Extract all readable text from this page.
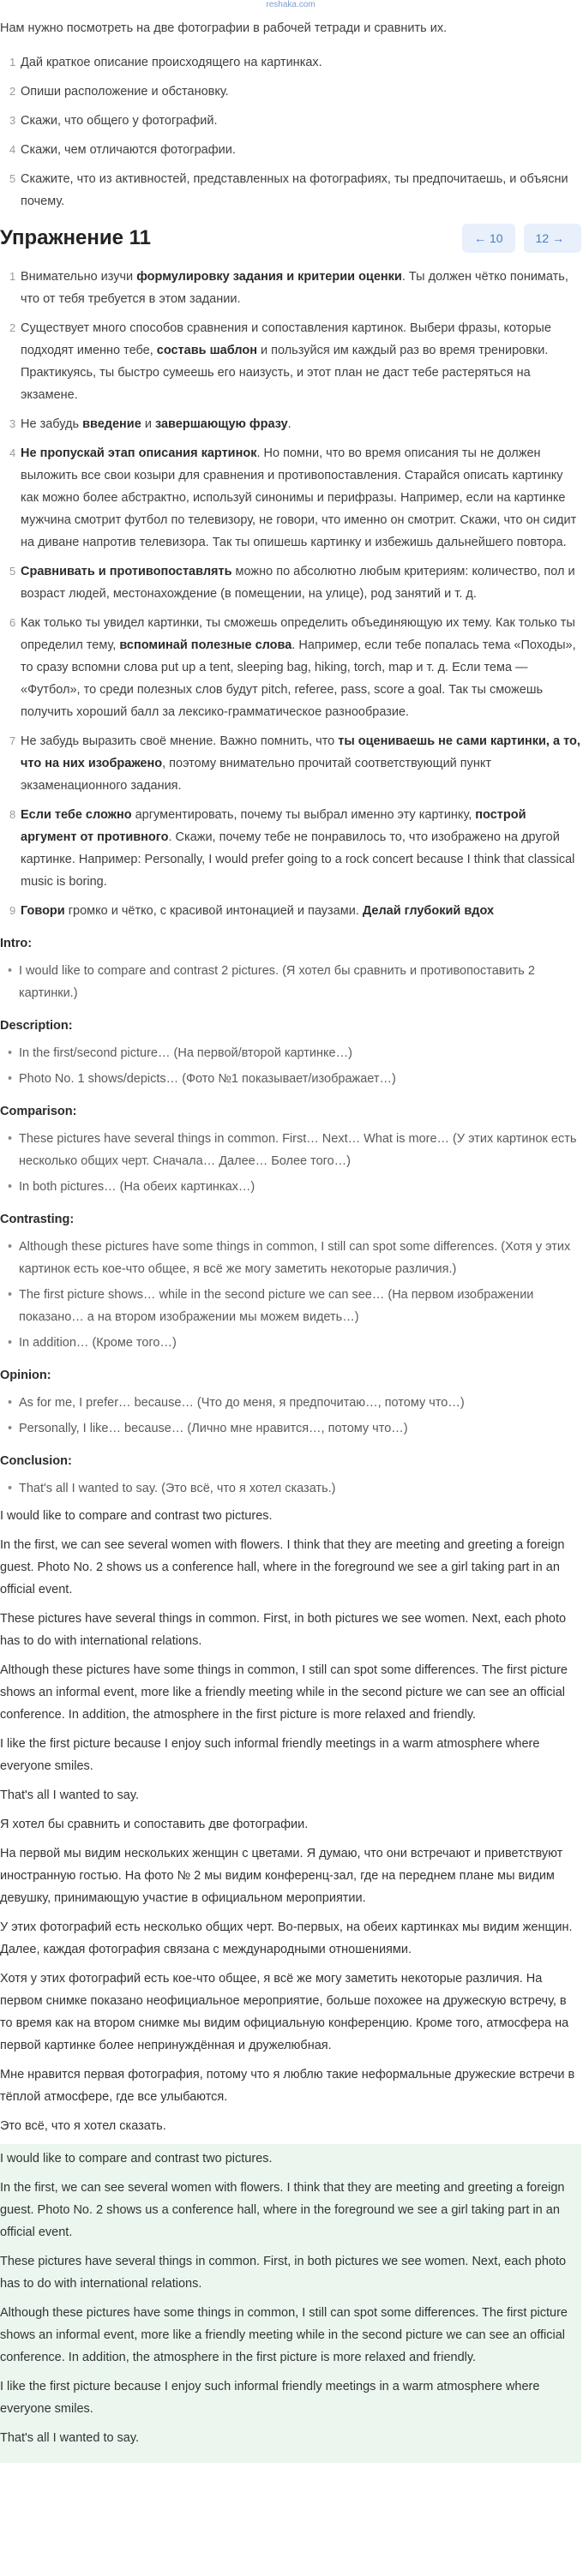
reshaka.com

Нам нужно посмотреть на две фотографии в рабочей тетради и сравнить их.

1 Дай краткое описание происходящего на картинках.
2 Опиши расположение и обстановку.
3 Скажи, что общего у фотографий.
4 Скажи, чем отличаются фотографии.
5 Скажите, что из активностей, представленных на фотографиях, ты предпочитаешь, и объясни почему.
Упражнение 11	← 10	12 →
1 Внимательно изучи формулировку задания и критерии оценки. Ты должен чётко понимать, что от тебя требуется в этом задании.
2 Существует много способов сравнения и сопоставления картинок. Выбери фразы, которые подходят именно тебе, составь шаблон и пользуйся им каждый раз во время тренировки. Практикуясь, ты быстро сумеешь его наизусть, и этот план не даст тебе растеряться на экзамене.
3 Не забудь введение и завершающую фразу.
4 Не пропускай этап описания картинок. Но помни, что во время описания ты не должен выложить все свои козыри для сравнения и противопоставления. Старайся описать картинку как можно более абстрактно, используй синонимы и перифразы. Например, если на картинке мужчина смотрит футбол по телевизору, не говори, что именно он смотрит. Скажи, что он сидит на диване напротив телевизора. Так ты опишешь картинку и избежишь дальнейшего повтора.
5 Сравнивать и противопоставлять можно по абсолютно любым критериям: количество, пол и возраст людей, местонахождение (в помещении, на улице), род занятий и т. д.
6 Как только ты увидел картинки, ты сможешь определить объединяющую их тему. Как только ты определил тему, вспоминай полезные слова. Например, если тебе попалась тема «Походы», то сразу вспомни слова put up a tent, sleeping bag, hiking, torch, map и т. д. Если тема — «Футбол», то среди полезных слов будут pitch, referee, pass, score a goal. Так ты сможешь получить хороший балл за лексико-грамматическое разнообразие.
7 Не забудь выразить своё мнение. Важно помнить, что ты оцениваешь не сами картинки, а то, что на них изображено, поэтому внимательно прочитай соответствующий пункт экзаменационного задания.
8 Если тебе сложно аргументировать, почему ты выбрал именно эту картинку, построй аргумент от противного. Скажи, почему тебе не понравилось то, что изображено на другой картинке. Например: Personally, I would prefer going to a rock concert because I think that classical music is boring.
9 Говори громко и чётко, с красивой интонацией и паузами. Делай глубокий вдох
Intro:
• I would like to compare and contrast 2 pictures. (Я хотел бы сравнить и противопоставить 2 картинки.)
Description:
• In the first/second picture… (На первой/второй картинке…)
• Photo No. 1 shows/depicts… (Фото №1 показывает/изображает…)
Comparison:
• These pictures have several things in common. First… Next… What is more… (У этих картинок есть несколько общих черт. Сначала… Далее… Более того…)
• In both pictures… (На обеих картинках…)
Contrasting:
• Although these pictures have some things in common, I still can spot some differences. (Хотя у этих картинок есть кое-что общее, я всё же могу заметить некоторые различия.)
• The first picture shows… while in the second picture we can see… (На первом изображении показано… а на втором изображении мы можем видеть…)
• In addition… (Кроме того…)
Opinion:
• As for me, I prefer… because… (Что до меня, я предпочитаю…, потому что…)
• Personally, I like… because… (Лично мне нравится…, потому что…)
Conclusion:
• That's all I wanted to say. (Это всё, что я хотел сказать.)

I would like to compare and contrast two pictures.

In the first, we can see several women with flowers. I think that they are meeting and greeting a foreign guest. Photo No. 2 shows us a conference hall, where in the foreground we see a girl taking part in an official event.

These pictures have several things in common. First, in both pictures we see women. Next, each photo has to do with international relations.

Although these pictures have some things in common, I still can spot some differences. The first picture shows an informal event, more like a friendly meeting while in the second picture we can see an official conference. In addition, the atmosphere in the first picture is more relaxed and friendly.

I like the first picture because I enjoy such informal friendly meetings in a warm atmosphere where everyone smiles.

That's all I wanted to say.

Я хотел бы сравнить и сопоставить две фотографии.

На первой мы видим нескольких женщин с цветами. Я думаю, что они встречают и приветствуют иностранную гостью. На фото № 2 мы видим конференц-зал, где на переднем плане мы видим девушку, принимающую участие в официальном мероприятии.

У этих фотографий есть несколько общих черт. Во-первых, на обеих картинках мы видим женщин. Далее, каждая фотография связана с международными отношениями.

Хотя у этих фотографий есть кое-что общее, я всё же могу заметить некоторые различия. На первом снимке показано неофициальное мероприятие, больше похожее на дружескую встречу, в то время как на втором снимке мы видим официальную конференцию. Кроме того, атмосфера на первой картинке более непринуждённая и дружелюбная.

Мне нравится первая фотография, потому что я люблю такие неформальные дружеские встречи в тёплой атмосфере, где все улыбаются.

Это всё, что я хотел сказать.

I would like to compare and contrast two pictures.

In the first, we can see several women with flowers. I think that they are meeting and greeting a foreign guest. Photo No. 2 shows us a conference hall, where in the foreground we see a girl taking part in an official event.

These pictures have several things in common. First, in both pictures we see women. Next, each photo has to do with international relations.

Although these pictures have some things in common, I still can spot some differences. The first picture shows an informal event, more like a friendly meeting while in the second picture we can see an official conference. In addition, the atmosphere in the first picture is more relaxed and friendly.

I like the first picture because I enjoy such informal friendly meetings in a warm atmosphere where everyone smiles.

That's all I wanted to say.
